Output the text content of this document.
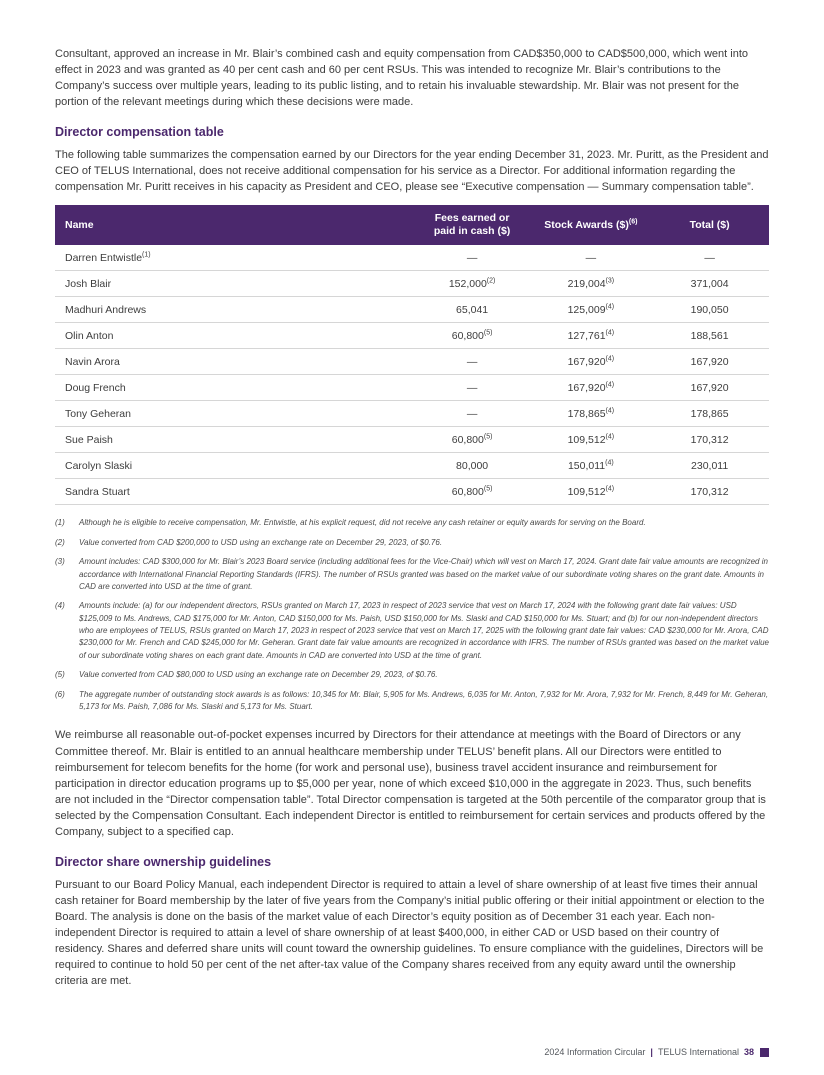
Consultant, approved an increase in Mr. Blair’s combined cash and equity compensation from CAD$350,000 to CAD$500,000, which went into effect in 2023 and was granted as 40 per cent cash and 60 per cent RSUs. This was intended to recognize Mr. Blair’s contributions to the Company’s success over multiple years, leading to its public listing, and to retain his invaluable stewardship. Mr. Blair was not present for the portion of the relevant meetings during which these decisions were made.

Director compensation table

The following table summarizes the compensation earned by our Directors for the year ending December 31, 2023. Mr. Puritt, as the President and CEO of TELUS International, does not receive additional compensation for his service as a Director. For additional information regarding the compensation Mr. Puritt receives in his capacity as President and CEO, please see “Executive compensation — Summary compensation table”.

Name	Fees earned or paid in cash ($)	Stock Awards ($)$^{(6)}$	Total ($)
Darren Entwistle$^{(1)}$	—	—	—
Josh Blair	152,000$^{(2)}$	219,004$^{(3)}$	371,004
Madhuri Andrews	65,041	125,009$^{(4)}$	190,050
Olin Anton	60,800$^{(5)}$	127,761$^{(4)}$	188,561
Navin Arora	—	167,920$^{(4)}$	167,920
Doug French	—	167,920$^{(4)}$	167,920
Tony Geheran	—	178,865$^{(4)}$	178,865
Sue Paish	60,800$^{(5)}$	109,512$^{(4)}$	170,312
Carolyn Slaski	80,000	150,011$^{(4)}$	230,011
Sandra Stuart	60,800$^{(5)}$	109,512$^{(4)}$	170,312
(1)	Although he is eligible to receive compensation, Mr. Entwistle, at his explicit request, did not receive any cash retainer or equity awards for serving on the Board.
(2)	Value converted from CAD $200,000 to USD using an exchange rate on December 29, 2023, of $0.76.
(3)	Amount includes: CAD $300,000 for Mr. Blair’s 2023 Board service (including additional fees for the Vice-Chair) which will vest on March 17, 2024. Grant date fair value amounts are recognized in accordance with International Financial Reporting Standards (IFRS). The number of RSUs granted was based on the market value of our subordinate voting shares on the grant date. Amounts in CAD are converted into USD at the time of grant.
(4)	Amounts include: (a) for our independent directors, RSUs granted on March 17, 2023 in respect of 2023 service that vest on March 17, 2024 with the following grant date fair values: USD $125,009 to Ms. Andrews, CAD $175,000 for Mr. Anton, CAD $150,000 for Ms. Paish, USD $150,000 for Ms. Slaski and CAD $150,000 for Ms. Stuart; and (b) for our non-independent directors who are employees of TELUS, RSUs granted on March 17, 2023 in respect of 2023 service that vest on March 17, 2025 with the following grant date fair values: CAD $230,000 for Mr. Arora, CAD $230,000 for Mr. French and CAD $245,000 for Mr. Geheran. Grant date fair value amounts are recognized in accordance with IFRS. The number of RSUs granted was based on the market value of our subordinate voting shares on each grant date. Amounts in CAD are converted into USD at the time of grant.
(5)	Value converted from CAD $80,000 to USD using an exchange rate on December 29, 2023, of $0.76.
(6)	The aggregate number of outstanding stock awards is as follows: 10,345 for Mr. Blair, 5,905 for Ms. Andrews, 6,035 for Mr. Anton, 7,932 for Mr. Arora, 7,932 for Mr. French, 8,449 for Mr. Geheran, 5,173 for Ms. Paish, 7,086 for Ms. Slaski and 5,173 for Ms. Stuart.

We reimburse all reasonable out-of-pocket expenses incurred by Directors for their attendance at meetings with the Board of Directors or any Committee thereof. Mr. Blair is entitled to an annual healthcare membership under TELUS’ benefit plans. All our Directors were entitled to reimbursement for telecom benefits for the home (for work and personal use), business travel accident insurance and reimbursement for participation in director education programs up to $5,000 per year, none of which exceed $10,000 in the aggregate in 2023. Thus, such benefits are not included in the “Director compensation table”. Total Director compensation is targeted at the 50th percentile of the comparator group that is selected by the Compensation Consultant. Each independent Director is entitled to reimbursement for certain services and products offered by the Company, subject to a specified cap.

Director share ownership guidelines

Pursuant to our Board Policy Manual, each independent Director is required to attain a level of share ownership of at least five times their annual cash retainer for Board membership by the later of five years from the Company’s initial public offering or their initial appointment or election to the Board. The analysis is done on the basis of the market value of each Director’s equity position as of December 31 each year. Each non-independent Director is required to attain a level of share ownership of at least $400,000, in either CAD or USD based on their country of residency. Shares and deferred share units will count toward the ownership guidelines. To ensure compliance with the guidelines, Directors will be required to continue to hold 50 per cent of the net after-tax value of the Company shares received from any equity award until the ownership criteria are met.

2024 Information Circular | TELUS International 38
